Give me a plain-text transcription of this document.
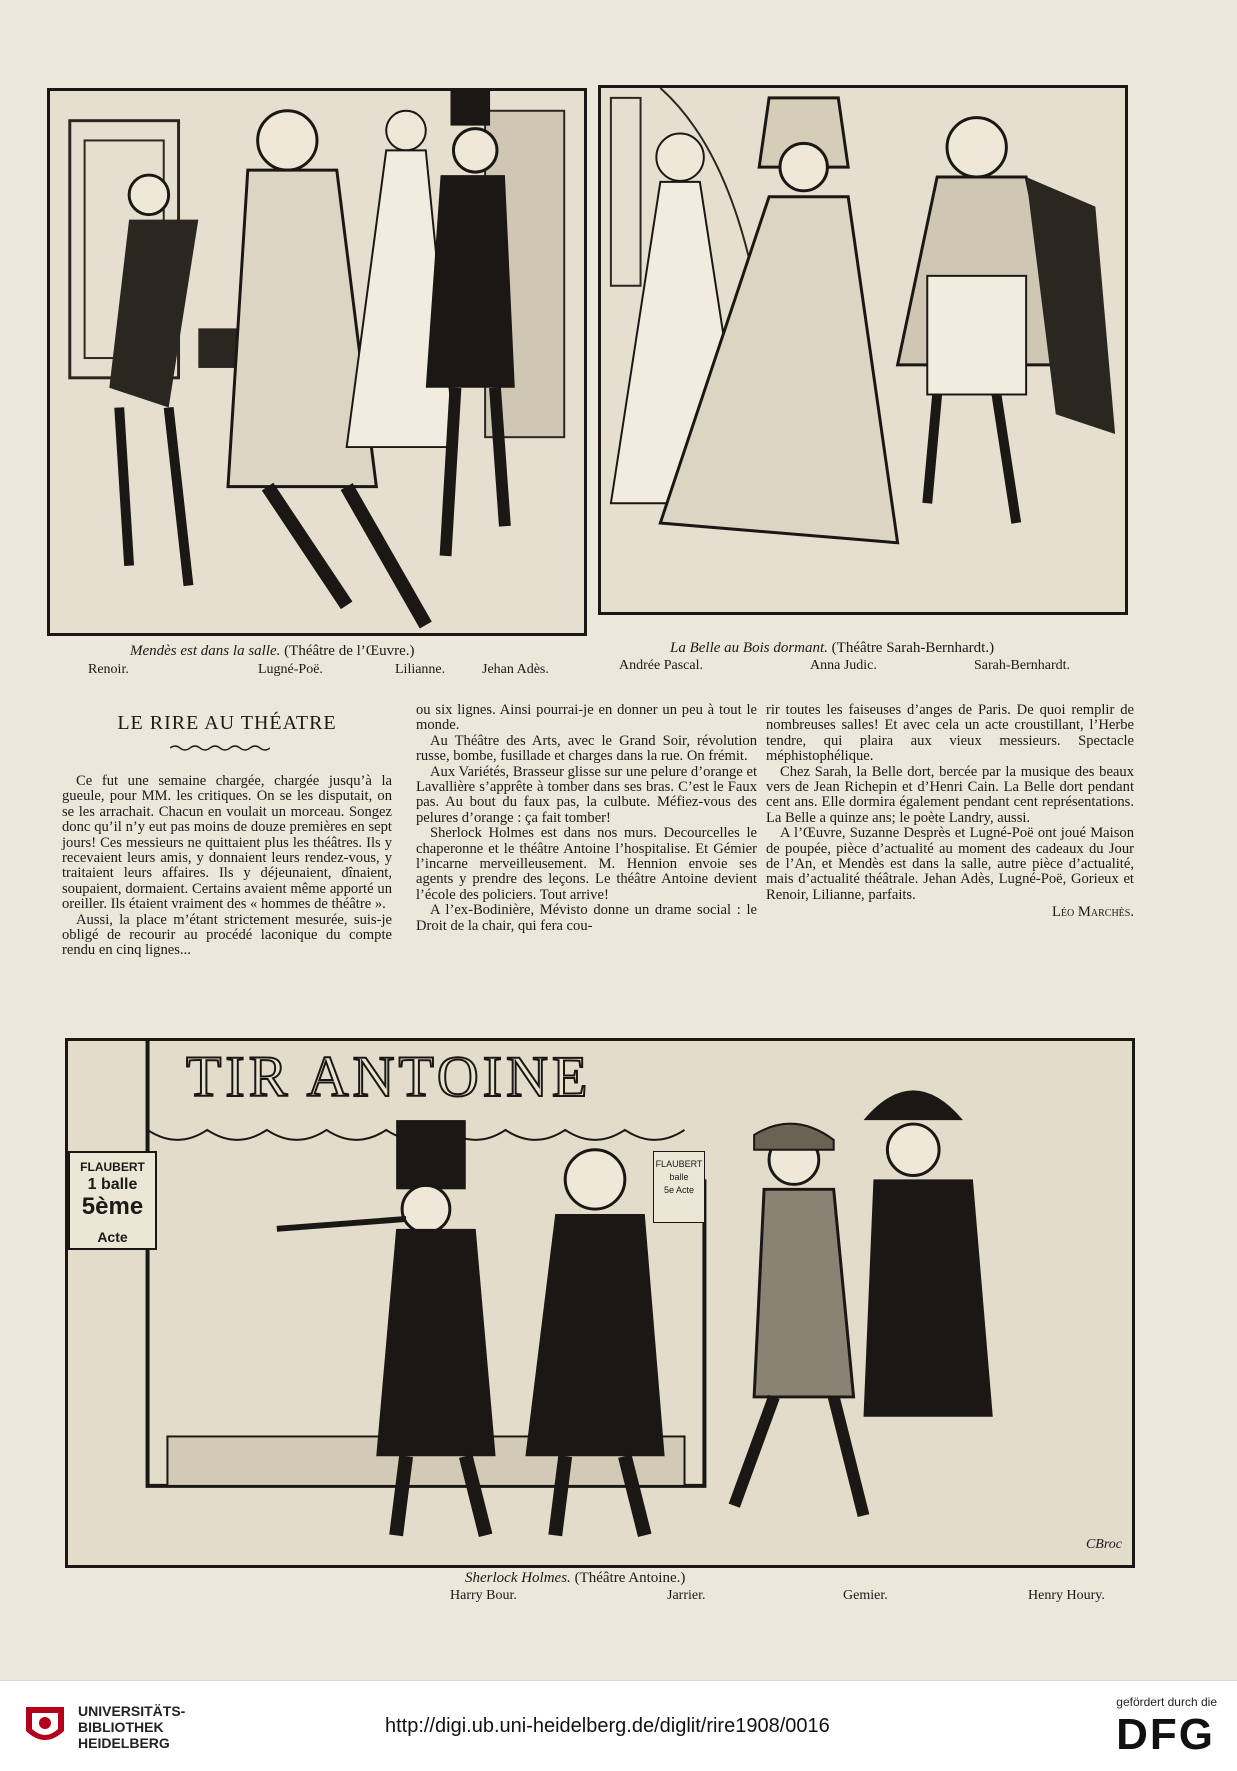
Mendès est dans la salle. (Théâtre de l’Œuvre.)
Renoir.	Lugné-Poë.	Lilianne.	Jehan Adès.
La Belle au Bois dormant. (Théâtre Sarah-Bernhardt.)
Andrée Pascal.	Anna Judic.	Sarah-Bernhardt.
LE RIRE AU THÉATRE

Ce fut une semaine chargée, chargée jusqu’à la gueule, pour MM. les critiques. On se les disputait, on se les arrachait. Chacun en voulait un morceau. Songez donc qu’il n’y eut pas moins de douze premières en sept jours! Ces messieurs ne quittaient plus les théâtres. Ils y recevaient leurs amis, y donnaient leurs rendez-vous, y traitaient leurs affaires. Ils y déjeunaient, dînaient, soupaient, dormaient. Certains avaient même apporté un oreiller. Ils étaient vraiment des « hommes de théâtre ».

Aussi, la place m’étant strictement mesurée, suis-je obligé de recourir au procédé laconique du compte rendu en cinq lignes...

ou six lignes. Ainsi pourrai-je en donner un peu à tout le monde.

Au Théâtre des Arts, avec le Grand Soir, révolution russe, bombe, fusillade et charges dans la rue. On frémit.

Aux Variétés, Brasseur glisse sur une pelure d’orange et Lavallière s’apprête à tomber dans ses bras. C’est le Faux pas. Au bout du faux pas, la culbute. Méfiez-vous des pelures d’orange : ça fait tomber!

Sherlock Holmes est dans nos murs. Decourcelles le chaperonne et le théâtre Antoine l’hospitalise. Et Gémier l’incarne merveilleusement. M. Hennion envoie ses agents y prendre des leçons. Le théâtre Antoine devient l’école des policiers. Tout arrive!

A l’ex-Bodinière, Mévisto donne un drame social : le Droit de la chair, qui fera cou-

rir toutes les faiseuses d’anges de Paris. De quoi remplir de nombreuses salles! Et avec cela un acte croustillant, l’Herbe tendre, qui plaira aux vieux messieurs. Spectacle méphistophélique.

Chez Sarah, la Belle dort, bercée par la musique des beaux vers de Jean Richepin et d’Henri Cain. La Belle dort pendant cent ans. Elle dormira également pendant cent représentations. La Belle a quinze ans; le poète Landry, aussi.

A l’Œuvre, Suzanne Desprès et Lugné-Poë ont joué Maison de poupée, pièce d’actualité au moment des cadeaux du Jour de l’An, et Mendès est dans la salle, autre pièce d’actualité, mais d’actualité théâtrale. Jehan Adès, Lugné-Poë, Gorieux et Renoir, Lilianne, parfaits.

Léo Marchès.

TIR ANTOINE
FLAUBERT
1 balle
5ème Acte
FLAUBERT
balle
5e Acte
CBroc
Sherlock Holmes. (Théâtre Antoine.)
Harry Bour.	Jarrier.	Gemier.	Henry Houry.
UNIVERSITÄTS-
BIBLIOTHEK
HEIDELBERG
http://digi.ub.uni-heidelberg.de/diglit/rire1908/0016
gefördert durch die
DFG
